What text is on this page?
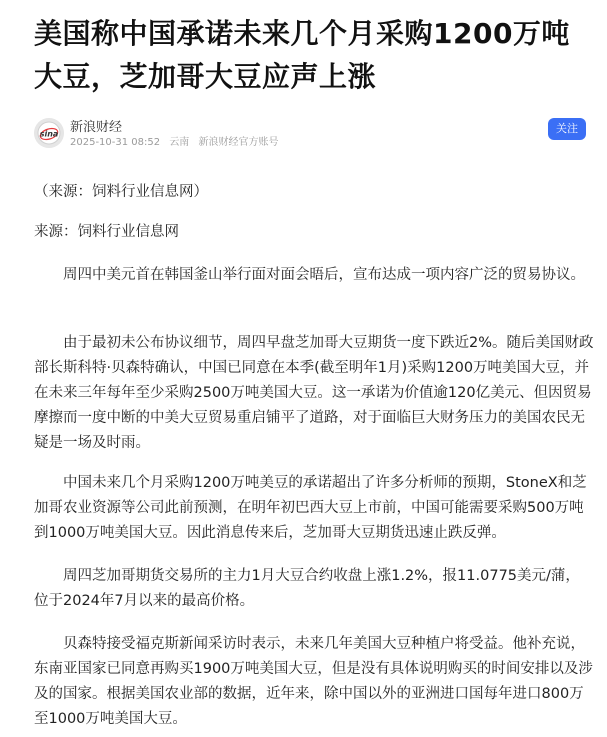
美国称中国承诺未来几个月采购1200万吨
大豆，芝加哥大豆应声上涨
sina 新浪财经
2025-10-31 08:52 云南 新浪财经官方账号
关注

（来源：饲料行业信息网）

来源：饲料行业信息网

周四中美元首在韩国釜山举行面对面会晤后，宣布达成一项内容广泛的贸易协议。

由于最初未公布协议细节，周四早盘芝加哥大豆期货一度下跌近2%。随后美国财政部长斯科特·贝森特确认，中国已同意在本季(截至明年1月)采购1200万吨美国大豆，并在未来三年每年至少采购2500万吨美国大豆。这一承诺为价值逾120亿美元、但因贸易摩擦而一度中断的中美大豆贸易重启铺平了道路，对于面临巨大财务压力的美国农民无疑是一场及时雨。

中国未来几个月采购1200万吨美豆的承诺超出了许多分析师的预期，StoneX和芝加哥农业资源等公司此前预测，在明年初巴西大豆上市前，中国可能需要采购500万吨到1000万吨美国大豆。因此消息传来后，芝加哥大豆期货迅速止跌反弹。

周四芝加哥期货交易所的主力1月大豆合约收盘上涨1.2%，报11.0775美元/蒲，位于2024年7月以来的最高价格。

贝森特接受福克斯新闻采访时表示，未来几年美国大豆种植户将受益。他补充说，东南亚国家已同意再购买1900万吨美国大豆，但是没有具体说明购买的时间安排以及涉及的国家。根据美国农业部的数据，近年来，除中国以外的亚洲进口国每年进口800万至1000万吨美国大豆。
